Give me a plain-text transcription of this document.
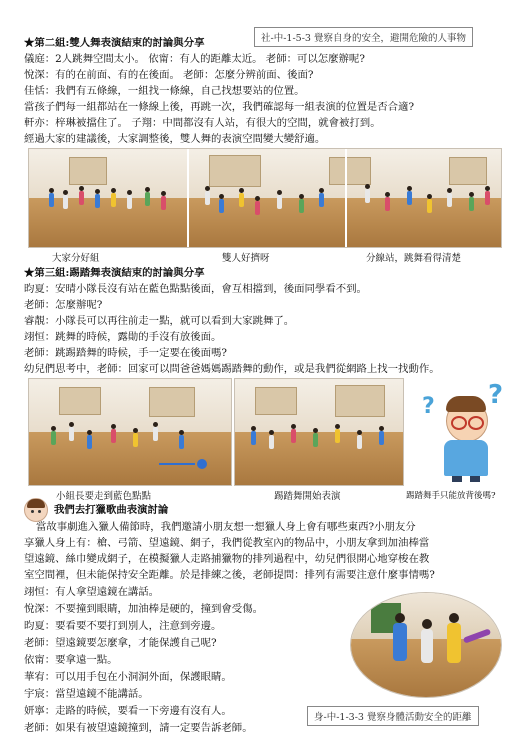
社-中-1-5-3 覺察自身的安全，避開危險的人事物
★第二組:雙人舞表演結束的討論與分享
儀庭：2人跳舞空間太小。 依甯：有人的距離太近。 老師：可以怎麼辦呢?
悅深：有的在前面、有的在後面。 老師：怎麼分辨前面、後面?
佳恬：我們有五條線，一組找一條線，自己找想要站的位置。
當孩子們每一組都站在一條線上後，再跳一次，我們確認每一組表演的位置是否合適?
軒亦：梓琳被擋住了。 子翔：中間都沒有人站，有很大的空間，就會被打到。
經過大家的建議後，大家調整後，雙人舞的表演空間變大變舒適。
大家分好組	雙人好擠呀	分線站，跳舞看得清楚
★第三組:踢踏舞表演結束的討論與分享
昀夏：安晴小隊長沒有站在藍色點點後面，會互相擋到，後面同學看不到。
老師：怎麼辦呢?
睿靚：小隊長可以再往前走一點，就可以看到大家跳舞了。
翊恒：跳舞的時候，露勛的手沒有放後面。
老師：跳踢踏舞的時候，手一定要在後面嗎?
幼兒們思考中，老師：回家可以問爸爸媽媽踢踏舞的動作，或是我們從網路上找一找動作。
? ?
小組長要走到藍色點點	踢踏舞開始表演	踢踏舞手只能放背後嗎?
我們去打獵歌曲表演討論
當故事劇進入獵人備節時，我們邀請小朋友想一想獵人身上會有哪些東西?小朋友分
享獵人身上有：槍、弓箭、望遠鏡、網子，我們從教室內的物品中，小朋友拿到加油棒當
望遠鏡、絲巾變成網子，在模擬獵人走路捕獵物的排列過程中，幼兒們很開心地穿梭在教
室空間裡，但未能保持安全距離。於是排練之後，老師提問：排列有需要注意什麼事情嗎?
翊恒：有人拿望遠鏡在講話。
悅深：不要撞到眼睛，加油棒是硬的，撞到會受傷。
昀夏：要看要不要打到別人，注意到旁邊。
老師：望遠鏡要怎麼拿，才能保護自己呢?
依甯：要拿遠一點。
華宥：可以用手包在小洞洞外面，保護眼睛。
宇宸：當望遠鏡不能講話。
妍寧：走路的時候，要看一下旁邊有沒有人。
老師：如果有被望遠鏡撞到，請一定要告訴老師。
身-中-1-3-3 覺察身體活動安全的距離
